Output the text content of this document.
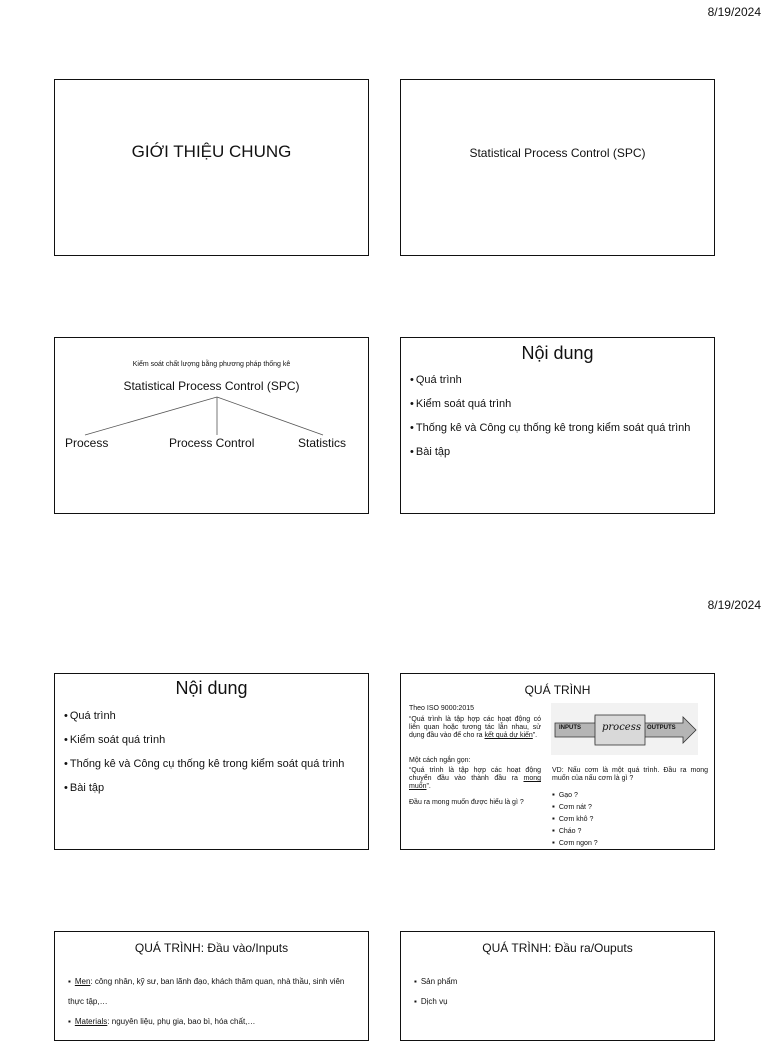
8/19/2024
8/19/2024
GIỚI THIỆU CHUNG	Statistical Process Control (SPC)
Kiểm soát chất lượng bằng phương pháp thống kê
Statistical Process Control (SPC)
Process	Process Control	Statistics
Nội dung
• Quá trình
• Kiểm soát quá trình
• Thống kê và Công cụ thống kê trong kiểm soát quá trình
• Bài tập
Nội dung
• Quá trình
• Kiểm soát quá trình
• Thống kê và Công cụ thống kê trong kiểm soát quá trình
• Bài tập
QUÁ TRÌNH
Theo ISO 9000:2015
“Quá trình là tập hợp các hoạt động có liên quan hoặc tương tác lẫn nhau, sử dụng đầu vào để cho ra kết quả dự kiến”.
Một cách ngắn gọn:
“Quá trình là tập hợp các hoạt động chuyển đầu vào thành đầu ra mong muốn”.
Đầu ra mong muốn được hiểu là gì ?
INPUTS process OUTPUTS
VD: Nấu cơm là một quá trình. Đầu ra mong muốn của nấu cơm là gì ?
▪ Gạo ?
▪ Cơm nát ?
▪ Cơm khô ?
▪ Cháo ?
▪ Cơm ngon ?
QUÁ TRÌNH: Đầu vào/Inputs
▪ Men: công nhân, kỹ sư, ban lãnh đạo, khách thăm quan, nhà thầu, sinh viên thực tập,…
▪ Materials: nguyên liệu, phụ gia, bao bì, hóa chất,…
QUÁ TRÌNH: Đầu ra/Ouputs
▪ Sản phẩm
▪ Dịch vụ
